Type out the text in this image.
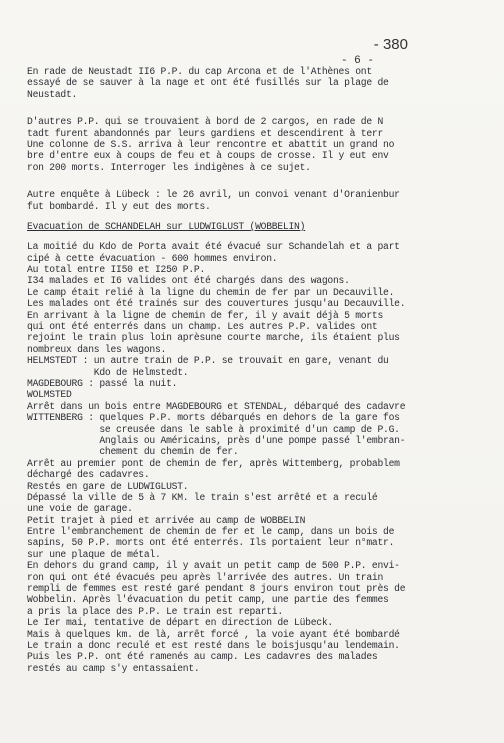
- 380
- 6 -
En rade de Neustadt II6 P.P. du cap Arcona et de l'Athènes ont
essayé de se sauver à la nage et ont été fusillés sur la plage de
Neustadt.
D'autres P.P. qui se trouvaient à bord de 2 cargos, en rade de N
tadt furent abandonnés par leurs gardiens et descendirent à terr
Une colonne de S.S. arriva à leur rencontre et abattit un grand no
bre d'entre eux à coups de feu et à coups de crosse. Il y eut env
ron 200 morts. Interroger les indigènes à ce sujet.
Autre enquête à Lübeck : le 26 avril, un convoi venant d'Oranienbur
fut bombardé. Il y eut des morts.
Evacuation de SCHANDELAH sur LUDWIGLUST (WOBBELIN)
La moitié du Kdo de Porta avait été évacué sur Schandelah et a part
cipé à cette évacuation - 600 hommes environ.
Au total entre II50 et I250 P.P.
I34 malades et I6 valides ont été chargés dans des wagons.
Le camp était relié à la ligne du chemin de fer par un Decauville.
Les malades ont été trainés sur des couvertures jusqu'au Decauville.
En arrivant à la ligne de chemin de fer, il y avait déjà 5 morts
qui ont été enterrés dans un champ. Les autres P.P. valides ont
rejoint le train plus loin aprèsune courte marche, ils étaient plus
nombreux dans les wagons.
HELMSTEDT : un autre train de P.P. se trouvait en gare, venant du
Kdo de Helmstedt.
MAGDEBOURG : passé la nuit.
WOLMSTED
Arrêt dans un bois entre MAGDEBOURG et STENDAL, débarqué des cadavre
WITTENBERG : quelques P.P. morts débarqués en dehors de la gare fos
se creusée dans le sable à proximité d'un camp de P.G.
Anglais ou Américains, près d'une pompe passé l'embran-
chement du chemin de fer.
Arrêt au premier pont de chemin de fer, après Wittemberg, probablem
déchargé des cadavres.
Restés en gare de LUDWIGLUST.
Dépassé la ville de 5 à 7 KM. le train s'est arrêté et a reculé
une voie de garage.
Petit trajet à pied et arrivée au camp de WOBBELIN
Entre l'embranchement de chemin de fer et le camp, dans un bois de
sapins, 50 P.P. morts ont été enterrés. Ils portaient leur n°matr.
sur une plaque de métal.
En dehors du grand camp, il y avait un petit camp de 500 P.P. envi-
ron qui ont été évacués peu après l'arrivée des autres. Un train
rempli de femmes est resté garé pendant 8 jours environ tout près de
Wobbelin. Après l'évacuation du petit camp, une partie des femmes
a pris la place des P.P. Le train est reparti.
Le Ier mai, tentative de départ en direction de Lübeck.
Mais à quelques km. de là, arrêt forcé , la voie ayant été bombardé
Le train a donc reculé et est resté dans le boisjusqu'au lendemain.
Puis les P.P. ont été ramenés au camp. Les cadavres des malades
restés au camp s'y entassaient.
